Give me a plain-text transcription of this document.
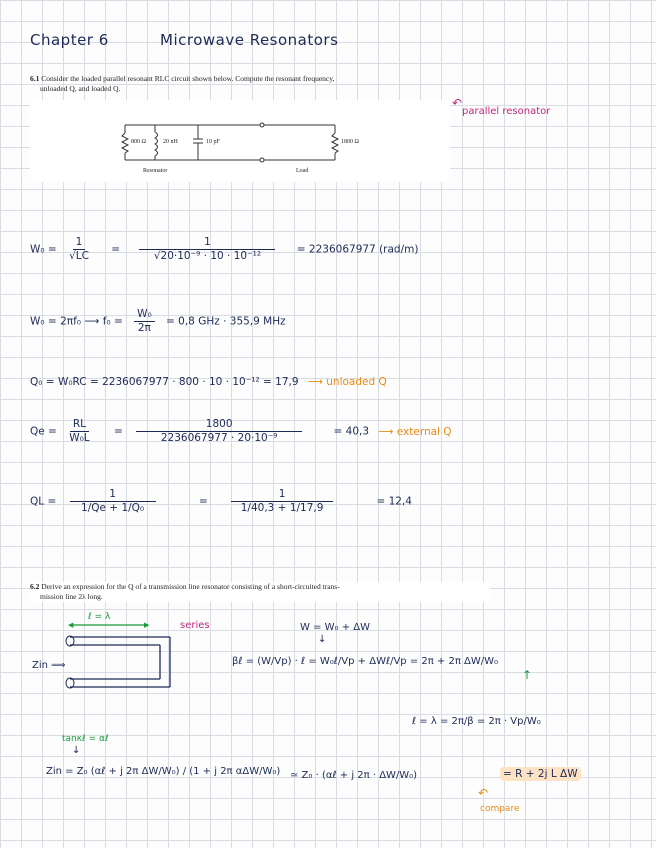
Chapter 6	Microwave Resonators
6.1 Consider the loaded parallel resonant RLC circuit shown below. Compute the resonant frequency,
unloaded Q, and loaded Q.
800 Ω	20 nH	10 pF	1800 Ω
Resonator	Load
↶
parallel resonator
$W_0 = \frac{1}{√LC} = \frac{1}{\text{√20·10⁻⁹ · 10 · 10⁻¹²}} = 2236067977$ (rad/m)
W₀ = 2πf₀ ⟶ $f_0 = \frac{\text{W₀}}{2\pi} = 0,8$ GHz · 355,9 MHz
Q₀ = W₀RC = 2236067977 · 800 · 10 · 10⁻¹² = 17,9 ⟶ unloaded Q
$Qe = \frac{RL}{\text{W₀L}} = \frac{1800}{\text{2236067977 · 20·10⁻⁹}}$	= 40,3 ⟶ external Q
QL = $\frac{1}{\text{1/Qe + 1/Q₀}}$	= $\frac{1}{1/40,3 + 1/17,9}$	= 12,4
6.2 Derive an expression for the Q of a transmission line resonator consisting of a short-circuited trans-
mission line 2λ long.
◀	▶
ℓ = λ
series
Zin ⟹
W = W₀ + ΔW
↓
βℓ = (W/Vp) · ℓ = W₀ℓ/Vp + ΔWℓ/Vp = 2π + 2π ΔW/W₀
↑
ℓ = λ = 2π/β = 2π · Vp/W₀
tanκℓ = αℓ
↓
Zin = Z₀ (αℓ + j 2π ΔW/W₀) / (1 + j 2π αΔW/W₀) ≃ Z₀ · (αℓ + j 2π · ΔW/W₀)	= R + 2j L ΔW
↶
compare
